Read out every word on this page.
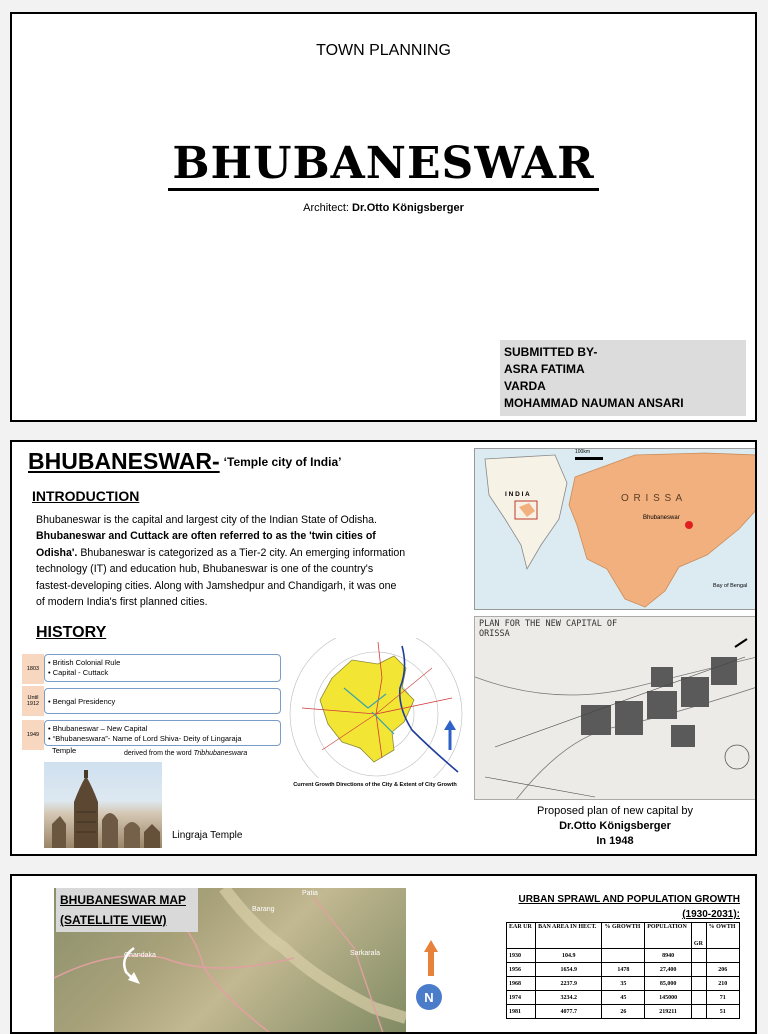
TOWN PLANNING
BHUBANESWAR
Architect: Dr.Otto Königsberger
SUBMITTED BY-
ASRA FATIMA
VARDA
MOHAMMAD NAUMAN ANSARI
BHUBANESWAR- $^{‘Temple city of India’}$
INTRODUCTION
Bhubaneswar is the capital and largest city of the Indian State of Odisha. Bhubaneswar and Cuttack are often referred to as the 'twin cities of Odisha'. Bhubaneswar is categorized as a Tier-2 city. An emerging information technology (IT) and education hub, Bhubaneswar is one of the country's fastest-developing cities. Along with Jamshedpur and Chandigarh, it was one of modern India's first planned cities.
HISTORY
1803
• British Colonial Rule
• Capital - Cuttack
Until 1912	• Bengal Presidency
1949
• Bhubaneswar – New Capital
• “Bhubaneswara”- Name of Lord Shiva- Deity of Lingaraja
Temple	derived from the word Tribhubaneswara
Lingraja Temple
Current Growth Directions of the City & Extent of City Growth
100km
I N D I A	O R I S S A
Bhubaneswar
Bay of Bengal
PLAN FOR THE NEW CAPITAL OF ORISSA
Proposed plan of new capital by
Dr.Otto Königsberger
In 1948
Barang
Patia
Sarkarala
Chandaka
BHUBANESWAR MAP
(SATELLITE VIEW)
N
URBAN SPRAWL AND POPULATION GROWTH
(1930-2031):
EAR UR	BAN AREA IN HECT.	% GROWTH	POPULATION	GR	% OWTH
1930	104.9		8940		
1956	1654.9	1478	27,400		206
1968	2237.9	35	85,000		210
1974	3234.2	45	145000		71
1981	4077.7	26	219211		51
